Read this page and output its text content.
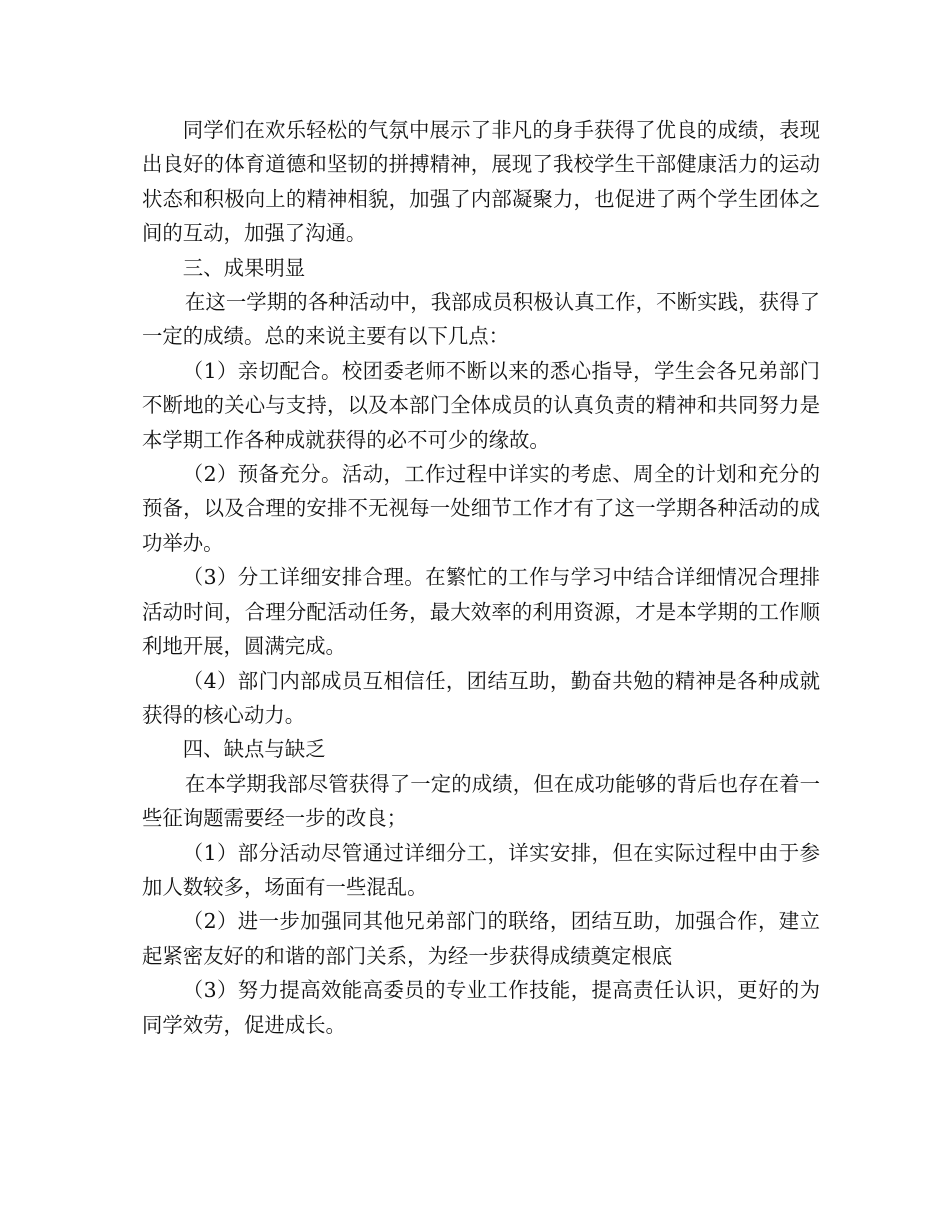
同学们在欢乐轻松的气氛中展示了非凡的身手获得了优良的成绩，表现出良好的体育道德和坚韧的拼搏精神，展现了我校学生干部健康活力的运动状态和积极向上的精神相貌，加强了内部凝聚力，也促进了两个学生团体之间的互动，加强了沟通。

三、成果明显

在这一学期的各种活动中，我部成员积极认真工作，不断实践，获得了一定的成绩。总的来说主要有以下几点：

（1）亲切配合。校团委老师不断以来的悉心指导，学生会各兄弟部门不断地的关心与支持，以及本部门全体成员的认真负责的精神和共同努力是本学期工作各种成就获得的必不可少的缘故。

（2）预备充分。活动，工作过程中详实的考虑、周全的计划和充分的预备，以及合理的安排不无视每一处细节工作才有了这一学期各种活动的成功举办。

（3）分工详细安排合理。在繁忙的工作与学习中结合详细情况合理排活动时间，合理分配活动任务，最大效率的利用资源，才是本学期的工作顺利地开展，圆满完成。

（4）部门内部成员互相信任，团结互助，勤奋共勉的精神是各种成就获得的核心动力。

四、缺点与缺乏

在本学期我部尽管获得了一定的成绩，但在成功能够的背后也存在着一些征询题需要经一步的改良；

（1）部分活动尽管通过详细分工，详实安排，但在实际过程中由于参加人数较多，场面有一些混乱。

（2）进一步加强同其他兄弟部门的联络，团结互助，加强合作，建立起紧密友好的和谐的部门关系，为经一步获得成绩奠定根底

（3）努力提高效能高委员的专业工作技能，提高责任认识，更好的为同学效劳，促进成长。
